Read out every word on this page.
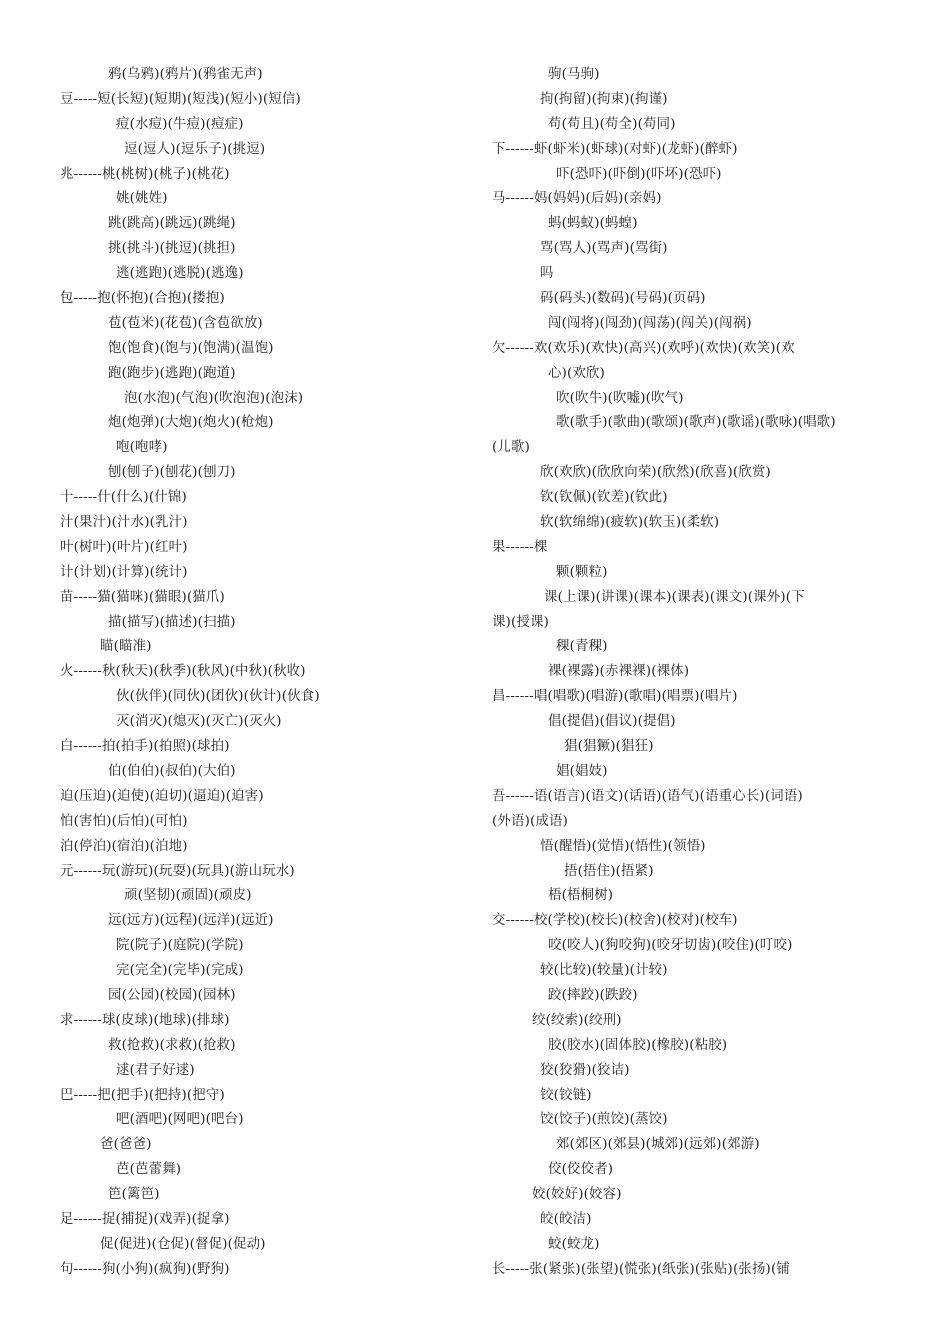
鸦(乌鸦)(鸦片)(鸦雀无声)
豆-----短(长短)(短期)(短浅)(短小)(短信)
痘(水痘)(牛痘)(痘症)
逗(逗人)(逗乐子)(挑逗)
兆------桃(桃树)(桃子)(桃花)
姚(姚姓)
跳(跳高)(跳远)(跳绳)
挑(挑斗)(挑逗)(挑担)
逃(逃跑)(逃脱)(逃逸)
包-----抱(怀抱)(合抱)(搂抱)
苞(苞米)(花苞)(含苞欲放)
饱(饱食)(饱与)(饱满)(温饱)
跑(跑步)(逃跑)(跑道)
泡(水泡)(气泡)(吹泡泡)(泡沫)
炮(炮弹)(大炮)(炮火)(枪炮)
咆(咆哮)
刨(刨子)(刨花)(刨刀)
十-----什(什么)(什锦)
汁(果汁)(汁水)(乳汁)
叶(树叶)(叶片)(红叶)
计(计划)(计算)(统计)
苗-----猫(猫咪)(猫眼)(猫爪)
描(描写)(描述)(扫描)
瞄(瞄准)
火------秋(秋天)(秋季)(秋风)(中秋)(秋收)
伙(伙伴)(同伙)(团伙)(伙计)(伙食)
灭(消灭)(熄灭)(灭亡)(灭火)
白------拍(拍手)(拍照)(球拍)
伯(伯伯)(叔伯)(大伯)
迫(压迫)(迫使)(迫切)(逼迫)(迫害)
怕(害怕)(后怕)(可怕)
泊(停泊)(宿泊)(泊地)
元------玩(游玩)(玩耍)(玩具)(游山玩水)
顽(坚韧)(顽固)(顽皮)
远(远方)(远程)(远洋)(远近)
院(院子)(庭院)(学院)
完(完全)(完毕)(完成)
园(公园)(校园)(园林)
求------球(皮球)(地球)(排球)
救(抢救)(求救)(抢救)
逑(君子好逑)
巴-----把(把手)(把持)(把守)
吧(酒吧)(网吧)(吧台)
爸(爸爸)
芭(芭蕾舞)
笆(篱笆)
足------捉(捕捉)(戏弄)(捉拿)
促(促进)(仓促)(督促)(促动)
句------狗(小狗)(疯狗)(野狗)
驹(马驹)
拘(拘留)(拘束)(拘谨)
苟(苟且)(苟全)(苟同)
下------虾(虾米)(虾球)(对虾)(龙虾)(醉虾)
吓(恐吓)(吓倒)(吓坏)(恐吓)
马------妈(妈妈)(后妈)(亲妈)
蚂(蚂蚁)(蚂蝗)
骂(骂人)(骂声)(骂街)
吗
码(码头)(数码)(号码)(页码)
闯(闯将)(闯劲)(闯荡)(闯关)(闯祸)
欠------欢(欢乐)(欢快)(高兴)(欢呼)(欢快)(欢笑)(欢
心)(欢欣)
吹(吹牛)(吹嘘)(吹气)
歌(歌手)(歌曲)(歌颂)(歌声)(歌谣)(歌咏)(唱歌)
(儿歌)
欣(欢欣)(欣欣向荣)(欣然)(欣喜)(欣赏)
钦(钦佩)(钦差)(钦此)
软(软绵绵)(疲软)(软玉)(柔软)
果------棵
颗(颗粒)
课(上课)(讲课)(课本)(课表)(课文)(课外)(下
课)(授课)
稞(青稞)
裸(裸露)(赤裸裸)(裸体)
昌------唱(唱歌)(唱游)(歌唱)(唱票)(唱片)
倡(提倡)(倡议)(提倡)
猖(猖獗)(猖狂)
娼(娼妓)
吾------语(语言)(语文)(话语)(语气)(语重心长)(词语)
(外语)(成语)
悟(醒悟)(觉悟)(悟性)(领悟)
捂(捂住)(捂紧)
梧(梧桐树)
交------校(学校)(校长)(校舍)(校对)(校车)
咬(咬人)(狗咬狗)(咬牙切齿)(咬住)(叮咬)
较(比较)(较量)(计较)
跤(摔跤)(跌跤)
绞(绞索)(绞刑)
胶(胶水)(固体胶)(橡胶)(粘胶)
狡(狡猾)(狡诘)
铰(铰链)
饺(饺子)(煎饺)(蒸饺)
郊(郊区)(郊县)(城郊)(远郊)(郊游)
佼(佼佼者)
姣(姣好)(姣容)
皎(皎洁)
蛟(蛟龙)
长-----张(紧张)(张望)(慌张)(纸张)(张贴)(张扬)(铺
